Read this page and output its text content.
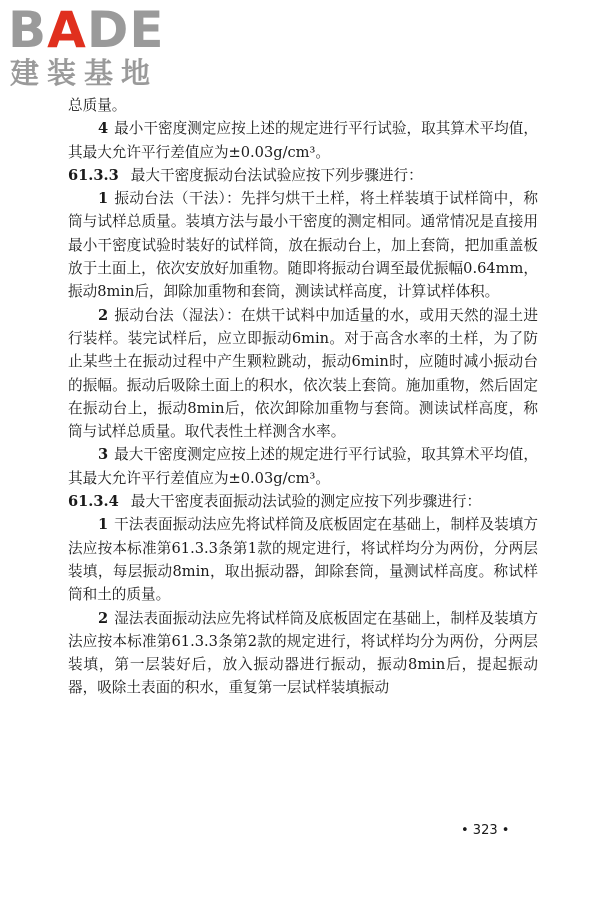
BADE
建装基地

总质量。

4 最小干密度测定应按上述的规定进行平行试验，取其算术平均值，其最大允许平行差值应为±0.03g/cm³。

61.3.3 最大干密度振动台法试验应按下列步骤进行：

1 振动台法（干法）：先拌匀烘干土样，将土样装填于试样筒中，称筒与试样总质量。装填方法与最小干密度的测定相同。通常情况是直接用最小干密度试验时装好的试样筒，放在振动台上，加上套筒，把加重盖板放于土面上，依次安放好加重物。随即将振动台调至最优振幅0.64mm，振动8min后，卸除加重物和套筒，测读试样高度，计算试样体积。

2 振动台法（湿法）：在烘干试料中加适量的水，或用天然的湿土进行装样。装完试样后，应立即振动6min。对于高含水率的土样，为了防止某些土在振动过程中产生颗粒跳动，振动6min时，应随时减小振动台的振幅。振动后吸除土面上的积水，依次装上套筒。施加重物，然后固定在振动台上，振动8min后，依次卸除加重物与套筒。测读试样高度，称筒与试样总质量。取代表性土样测含水率。

3 最大干密度测定应按上述的规定进行平行试验，取其算术平均值，其最大允许平行差值应为±0.03g/cm³。

61.3.4 最大干密度表面振动法试验的测定应按下列步骤进行：

1 干法表面振动法应先将试样筒及底板固定在基础上，制样及装填方法应按本标准第61.3.3条第1款的规定进行，将试样均分为两份，分两层装填，每层振动8min，取出振动器，卸除套筒，量测试样高度。称试样筒和土的质量。

2 湿法表面振动法应先将试样筒及底板固定在基础上，制样及装填方法应按本标准第61.3.3条第2款的规定进行，将试样均分为两份，分两层装填，第一层装好后，放入振动器进行振动，振动8min后，提起振动器，吸除土表面的积水，重复第一层试样装填振动

• 323 •
